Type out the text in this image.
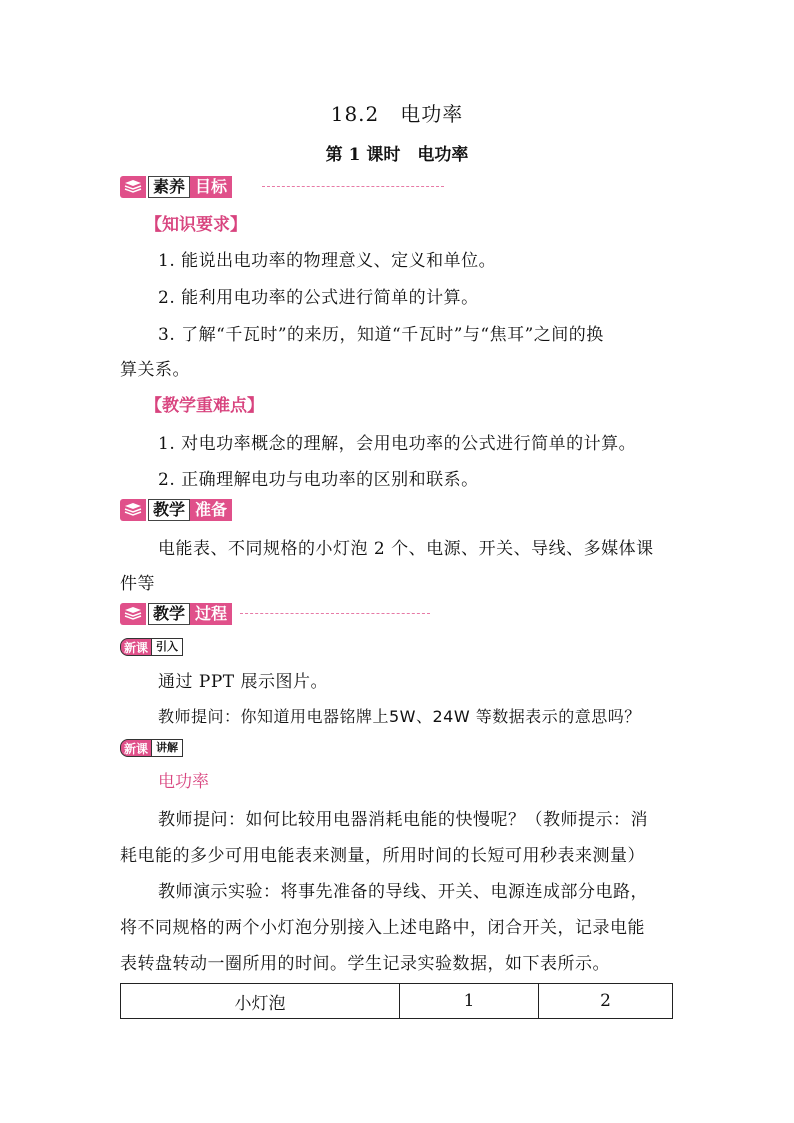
18.2　电功率
第 1 课时　电功率
素养 目标
【知识要求】
1. 能说出电功率的物理意义、定义和单位。
2. 能利用电功率的公式进行简单的计算。
3. 了解“千瓦时”的来历，知道“千瓦时”与“焦耳”之间的换
算关系。
【教学重难点】
1. 对电功率概念的理解，会用电功率的公式进行简单的计算。
2. 正确理解电功与电功率的区别和联系。
教学 准备
电能表、不同规格的小灯泡 2 个、电源、开关、导线、多媒体课
件等
教学 过程
新课 引入
通过 PPT 展示图片。
教师提问：你知道用电器铭牌上5W、24W 等数据表示的意思吗？
新课 讲解
电功率
教师提问：如何比较用电器消耗电能的快慢呢？（教师提示：消
耗电能的多少可用电能表来测量，所用时间的长短可用秒表来测量）
教师演示实验：将事先准备的导线、开关、电源连成部分电路，
将不同规格的两个小灯泡分别接入上述电路中，闭合开关，记录电能
表转盘转动一圈所用的时间。学生记录实验数据，如下表所示。
小灯泡	1	2
